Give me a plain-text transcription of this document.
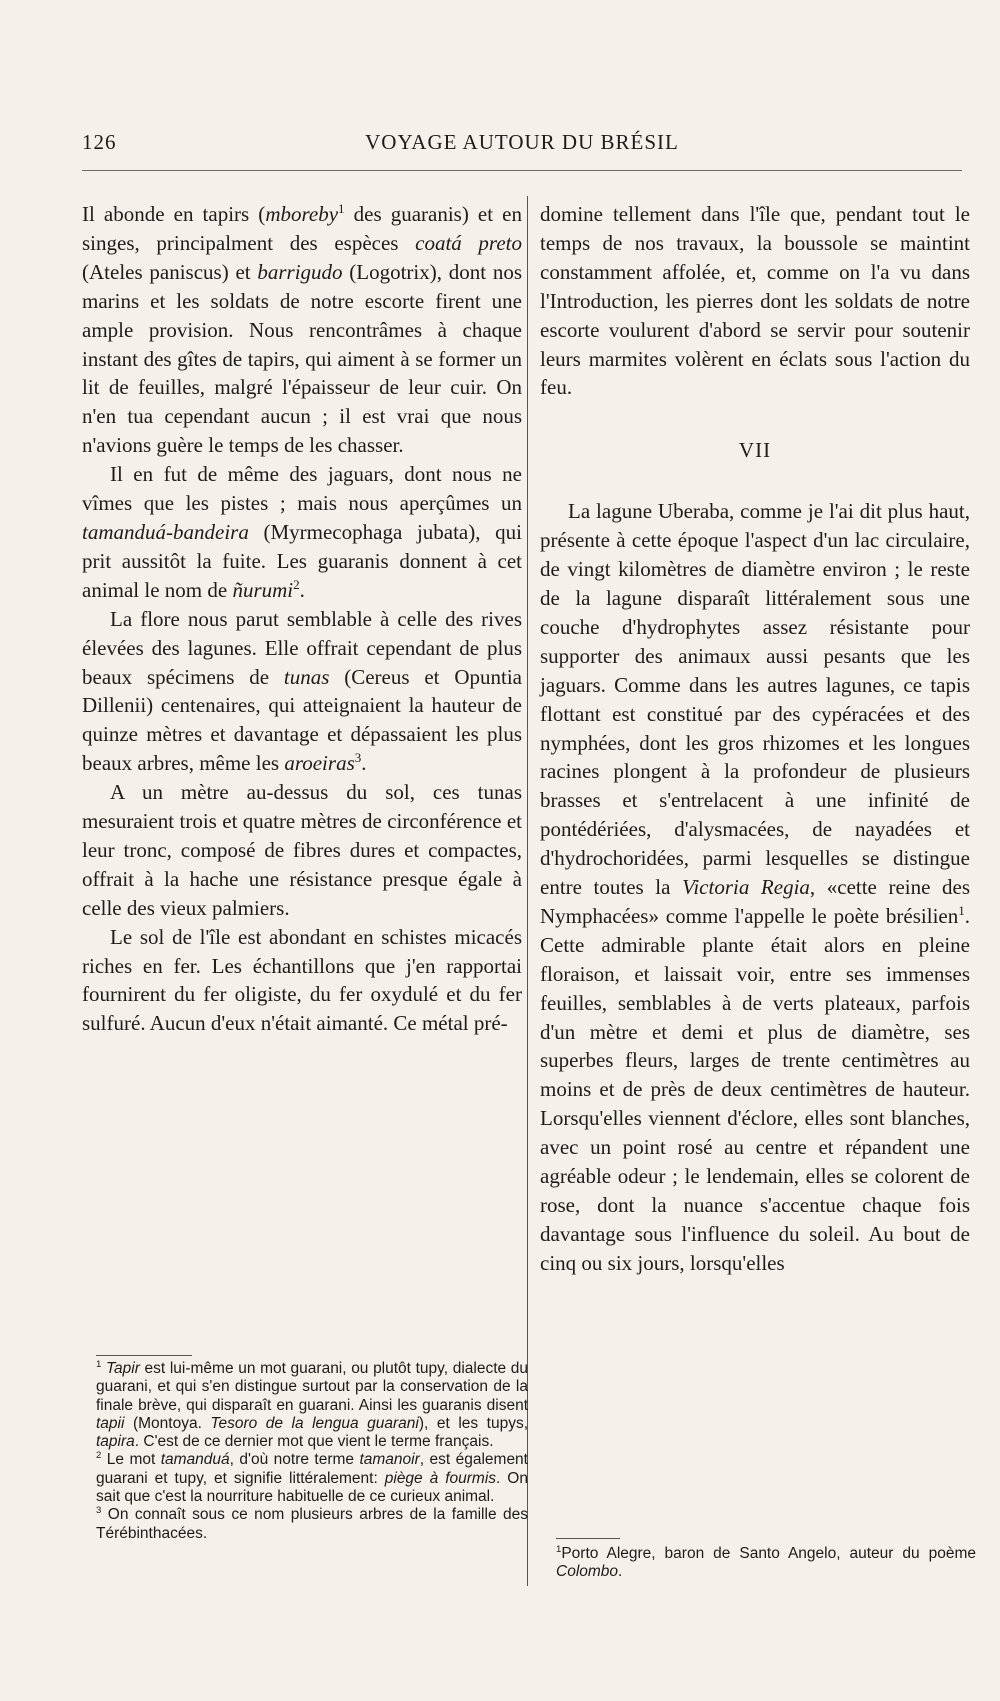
126	VOYAGE AUTOUR DU BRÉSIL

Il abonde en tapirs (mboreby$^1$ des guaranis) et en singes, principalment des espèces coatá preto (Ateles paniscus) et barrigudo (Logotrix), dont nos marins et les soldats de notre escorte firent une ample provision. Nous rencontrâmes à chaque instant des gîtes de tapirs, qui aiment à se former un lit de feuilles, malgré l'épaisseur de leur cuir. On n'en tua cependant aucun ; il est vrai que nous n'avions guère le temps de les chasser.

Il en fut de même des jaguars, dont nous ne vîmes que les pistes ; mais nous aperçûmes un tamanduá-bandeira (Myrmecophaga jubata), qui prit aussitôt la fuite. Les guaranis donnent à cet animal le nom de ñurumi$^2$.

La flore nous parut semblable à celle des rives élevées des lagunes. Elle offrait cependant de plus beaux spécimens de tunas (Cereus et Opuntia Dillenii) centenaires, qui atteignaient la hauteur de quinze mètres et davantage et dépassaient les plus beaux arbres, même les aroeiras$^3$.

A un mètre au-dessus du sol, ces tunas mesuraient trois et quatre mètres de circonférence et leur tronc, composé de fibres dures et compactes, offrait à la hache une résistance presque égale à celle des vieux palmiers.

Le sol de l'île est abondant en schistes micacés riches en fer. Les échantillons que j'en rapportai fournirent du fer oligiste, du fer oxydulé et du fer sulfuré. Aucun d'eux n'était aimanté. Ce métal pré-

domine tellement dans l'île que, pendant tout le temps de nos travaux, la boussole se maintint constamment affolée, et, comme on l'a vu dans l'Introduction, les pierres dont les soldats de notre escorte voulurent d'abord se servir pour soutenir leurs marmites volèrent en éclats sous l'action du feu.

VII

La lagune Uberaba, comme je l'ai dit plus haut, présente à cette époque l'aspect d'un lac circulaire, de vingt kilomètres de diamètre environ ; le reste de la lagune disparaît littéralement sous une couche d'hydrophytes assez résistante pour supporter des animaux aussi pesants que les jaguars. Comme dans les autres lagunes, ce tapis flottant est constitué par des cypéracées et des nymphées, dont les gros rhizomes et les longues racines plongent à la profondeur de plusieurs brasses et s'entrelacent à une infinité de pontédériées, d'alysmacées, de nayadées et d'hydrochoridées, parmi lesquelles se distingue entre toutes la Victoria Regia, «cette reine des Nymphacées» comme l'appelle le poète brésilien$^1$. Cette admirable plante était alors en pleine floraison, et laissait voir, entre ses immenses feuilles, semblables à de verts plateaux, parfois d'un mètre et demi et plus de diamètre, ses superbes fleurs, larges de trente centimètres au moins et de près de deux centimètres de hauteur. Lorsqu'elles viennent d'éclore, elles sont blanches, avec un point rosé au centre et répandent une agréable odeur ; le lendemain, elles se colorent de rose, dont la nuance s'accentue chaque fois davantage sous l'influence du soleil. Au bout de cinq ou six jours, lorsqu'elles

$^1$ Tapir est lui-même un mot guarani, ou plutôt tupy, dialecte du guarani, et qui s'en distingue surtout par la conservation de la finale brève, qui disparaît en guarani. Ainsi les guaranis disent tapii (Montoya. Tesoro de la lengua guarani), et les tupys, tapira. C'est de ce dernier mot que vient le terme français.

$^2$ Le mot tamanduá, d'où notre terme tamanoir, est également guarani et tupy, et signifie littéralement: piège à fourmis. On sait que c'est la nourriture habituelle de ce curieux animal.

$^3$ On connaît sous ce nom plusieurs arbres de la famille des Térébinthacées.

$^1$Porto Alegre, baron de Santo Angelo, auteur du poème Colombo.
